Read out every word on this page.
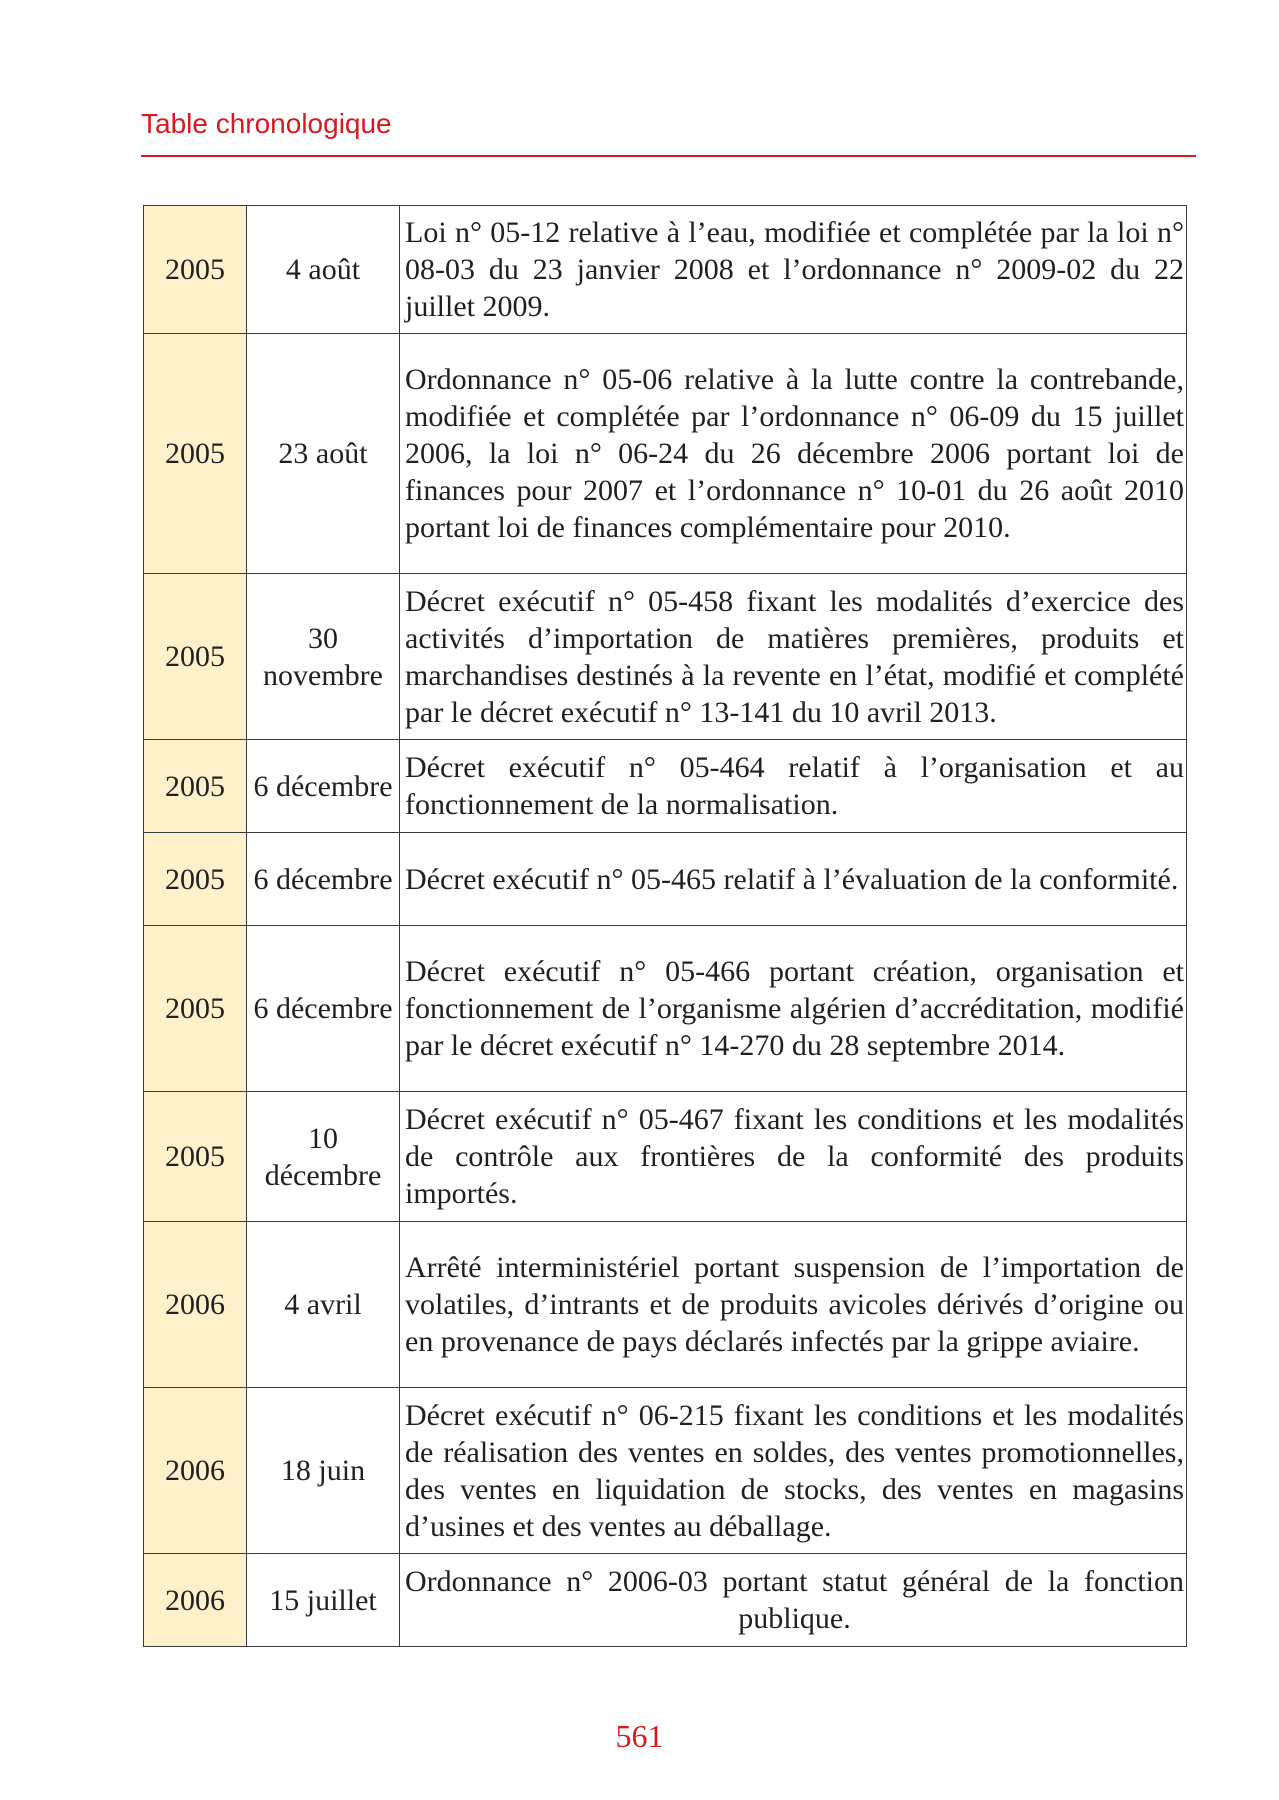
Table chronologique
2005	4 août	Loi n° 05-12 relative à l’eau, modifiée et complétée par la loi n° 08-03 du 23 janvier 2008 et l’ordonnance n° 2009-02 du 22 juillet 2009.
2005	23 août	Ordonnance n° 05-06 relative à la lutte contre la contrebande, modifiée et complétée par l’ordonnance n° 06-09 du 15 juillet 2006, la loi n° 06-24 du 26 décembre 2006 portant loi de finances pour 2007 et l’ordonnance n° 10-01 du 26 août 2010 portant loi de finances complémentaire pour 2010.
2005	30 novembre	Décret exécutif n° 05-458 fixant les modalités d’exercice des activités d’importation de matières premières, produits et marchandises destinés à la revente en l’état, modifié et complété par le décret exécutif n° 13-141 du 10 avril 2013.
2005	6 décembre	Décret exécutif n° 05-464 relatif à l’organisation et au fonctionnement de la normalisation.
2005	6 décembre	Décret exécutif n° 05-465 relatif à l’évaluation de la conformité.
2005	6 décembre	Décret exécutif n° 05-466 portant création, organisation et fonctionnement de l’organisme algérien d’accréditation, modifié par le décret exécutif n° 14-270 du 28 septembre 2014.
2005	10 décembre	Décret exécutif n° 05-467 fixant les conditions et les modalités de contrôle aux frontières de la conformité des produits importés.
2006	4 avril	Arrêté interministériel portant suspension de l’importation de volatiles, d’intrants et de produits avicoles dérivés d’origine ou en provenance de pays déclarés infectés par la grippe aviaire.
2006	18 juin	Décret exécutif n° 06-215 fixant les conditions et les modalités de réalisation des ventes en soldes, des ventes promotionnelles, des ventes en liquidation de stocks, des ventes en magasins d’usines et des ventes au déballage.
2006	15 juillet	Ordonnance n° 2006-03 portant statut général de la fonction publique.
561
